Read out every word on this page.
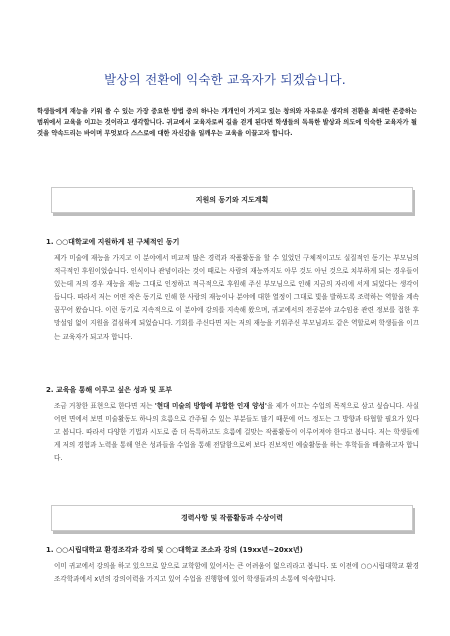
발상의 전환에 익숙한 교육자가 되겠습니다.
학생들에게 재능을 키워 줄 수 있는 가장 중요한 방법 중의 하나는 개개인이 가지고 있는 창의와 자유로운 생각의 전환을 최대한 존중하는 범위에서 교육을 이끄는 것이라고 생각합니다. 귀교에서 교육자로써 길을 걷게 된다면 학생들의 독특한 발상과 의도에 익숙한 교육자가 될 것을 약속드리는 바이며 무엇보다 스스로에 대한 자신감을 일깨우는 교육을 이끌고자 합니다.
지원의 동기와 지도계획
1. ○○대학교에 지원하게 된 구체적인 동기
제가 미술에 재능을 가지고 이 분야에서 비교적 많은 경력과 작품활동을 할 수 있었던 구체적이고도 실질적인 동기는 부모님의 적극적인 후원이었습니다. 인식이나 관념이라는 것이 때로는 사람의 재능까지도 아무 것도 아닌 것으로 치부하게 되는 경우들이 있는데 저의 경우 재능을 재능 그대로 인정하고 적극적으로 후원해 주신 부모님으로 인해 지금의 자리에 서게 되었다는 생각이 듭니다. 따라서 저는 어떤 작은 동기로 인해 한 사람의 재능이나 분야에 대한 열정이 그대로 빛을 발하도록 조력하는 역할을 계속 꿈꾸어 왔습니다. 이런 동기로 지속적으로 이 분야에 강의를 지속해 왔으며, 귀교에서의 전공분야 교수임용 관련 정보를 접한 후 망설임 없이 지원을 결심하게 되었습니다. 기회를 주신다면 저는 저의 재능을 키워주신 부모님과도 같은 역할로써 학생들을 이끄는 교육자가 되고자 합니다.
2. 교육을 통해 이루고 싶은 성과 및 포부
조금 거창한 표현으로 한다면 저는 '현대 미술의 방향에 부합한 인재 양성'을 제가 이끄는 수업의 목적으로 삼고 싶습니다. 사실 어떤 면에서 보면 미술활동도 하나의 흐름으로 간주될 수 있는 부분들도 많기 때문에 어느 정도는 그 방향과 타협할 필요가 있다고 봅니다. 따라서 다양한 기법과 시도로 좀 더 독특하고도 흐름에 걸맞는 작품활동이 이루어져야 한다고 봅니다. 저는 학생들에게 저의 경험과 노력을 통해 얻은 성과들을 수업을 통해 전달함으로써 보다 진보적인 예술활동을 하는 후학들을 배출하고자 합니다.
경력사항 및 작품활동과 수상이력
1. ○○시립대학교 환경조각과 강의 및 ○○대학교 조소과 강의 (19xx년~20xx년)
이미 귀교에서 강의을 하고 있으므로 앞으로 교학함에 있어서는 큰 어려움이 없으리라고 봅니다. 또 이전에 ○○시립대학교 환경조각학과에서 x년의 강의이력을 가지고 있어 수업을 진행함에 있어 학생들과의 소통에 익숙합니다.
